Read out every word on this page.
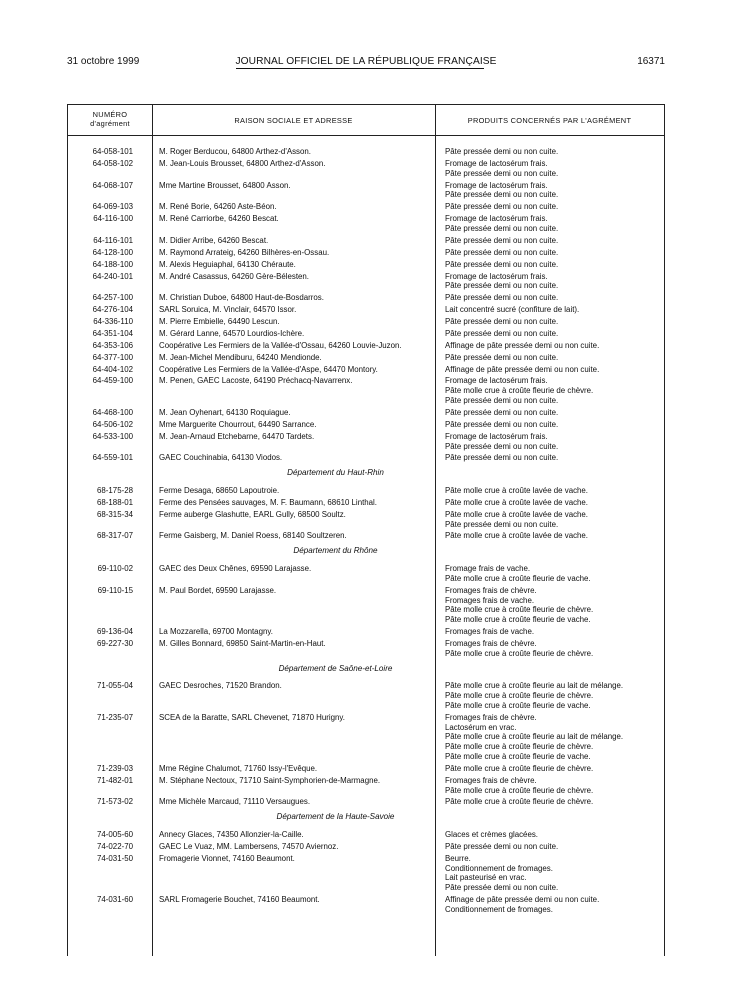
31 octobre 1999	JOURNAL OFFICIEL DE LA RÉPUBLIQUE FRANÇAISE	16371
NUMÉRO
d'agrément	RAISON SOCIALE ET ADRESSE	PRODUITS CONCERNÉS PAR L'AGRÉMENT
64-058-101	M. Roger Berducou, 64800 Arthez-d'Asson.	Pâte pressée demi ou non cuite.
64-058-102	M. Jean-Louis Brousset, 64800 Arthez-d'Asson.	Fromage de lactosérum frais.
Pâte pressée demi ou non cuite.
64-068-107	Mme Martine Brousset, 64800 Asson.	Fromage de lactosérum frais.
Pâte pressée demi ou non cuite.
64-069-103	M. René Borie, 64260 Aste-Béon.	Pâte pressée demi ou non cuite.
64-116-100	M. René Carriorbe, 64260 Bescat.	Fromage de lactosérum frais.
Pâte pressée demi ou non cuite.
64-116-101	M. Didier Arribe, 64260 Bescat.	Pâte pressée demi ou non cuite.
64-128-100	M. Raymond Arrateig, 64260 Bilhères-en-Ossau.	Pâte pressée demi ou non cuite.
64-188-100	M. Alexis Heguiaphal, 64130 Chéraute.	Pâte pressée demi ou non cuite.
64-240-101	M. André Casassus, 64260 Gère-Bélesten.	Fromage de lactosérum frais.
Pâte pressée demi ou non cuite.
64-257-100	M. Christian Duboe, 64800 Haut-de-Bosdarros.	Pâte pressée demi ou non cuite.
64-276-104	SARL Soruica, M. Vinclair, 64570 Issor.	Lait concentré sucré (confiture de lait).
64-336-110	M. Pierre Embielle, 64490 Lescun.	Pâte pressée demi ou non cuite.
64-351-104	M. Gérard Lanne, 64570 Lourdios-Ichère.	Pâte pressée demi ou non cuite.
64-353-106	Coopérative Les Fermiers de la Vallée-d'Ossau, 64260 Louvie-Juzon.	Affinage de pâte pressée demi ou non cuite.
64-377-100	M. Jean-Michel Mendiburu, 64240 Mendionde.	Pâte pressée demi ou non cuite.
64-404-102	Coopérative Les Fermiers de la Vallée-d'Aspe, 64470 Montory.	Affinage de pâte pressée demi ou non cuite.
64-459-100	M. Penen, GAEC Lacoste, 64190 Préchacq-Navarrenx.	Fromage de lactosérum frais.
Pâte molle crue à croûte fleurie de chèvre.
Pâte pressée demi ou non cuite.
64-468-100	M. Jean Oyhenart, 64130 Roquiague.	Pâte pressée demi ou non cuite.
64-506-102	Mme Marguerite Chourrout, 64490 Sarrance.	Pâte pressée demi ou non cuite.
64-533-100	M. Jean-Arnaud Etchebarne, 64470 Tardets.	Fromage de lactosérum frais.
Pâte pressée demi ou non cuite.
64-559-101	GAEC Couchinabia, 64130 Viodos.	Pâte pressée demi ou non cuite.
Département du Haut-Rhin
68-175-28	Ferme Desaga, 68650 Lapoutroie.	Pâte molle crue à croûte lavée de vache.
68-188-01	Ferme des Pensées sauvages, M. F. Baumann, 68610 Linthal.	Pâte molle crue à croûte lavée de vache.
68-315-34	Ferme auberge Glashutte, EARL Gully, 68500 Soultz.	Pâte molle crue à croûte lavée de vache.
Pâte pressée demi ou non cuite.
68-317-07	Ferme Gaisberg, M. Daniel Roess, 68140 Soultzeren.	Pâte molle crue à croûte lavée de vache.
Département du Rhône
69-110-02	GAEC des Deux Chênes, 69590 Larajasse.	Fromage frais de vache.
Pâte molle crue à croûte fleurie de vache.
69-110-15	M. Paul Bordet, 69590 Larajasse.	Fromages frais de chèvre.
Fromages frais de vache.
Pâte molle crue à croûte fleurie de chèvre.
Pâte molle crue à croûte fleurie de vache.
69-136-04	La Mozzarella, 69700 Montagny.	Fromages frais de vache.
69-227-30	M. Gilles Bonnard, 69850 Saint-Martin-en-Haut.	Fromages frais de chèvre.
Pâte molle crue à croûte fleurie de chèvre.
Département de Saône-et-Loire
71-055-04	GAEC Desroches, 71520 Brandon.	Pâte molle crue à croûte fleurie au lait de mélange.
Pâte molle crue à croûte fleurie de chèvre.
Pâte molle crue à croûte fleurie de vache.
71-235-07	SCEA de la Baratte, SARL Chevenet, 71870 Hurigny.	Fromages frais de chèvre.
Lactosérum en vrac.
Pâte molle crue à croûte fleurie au lait de mélange.
Pâte molle crue à croûte fleurie de chèvre.
Pâte molle crue à croûte fleurie de vache.
71-239-03	Mme Régine Chalumot, 71760 Issy-l'Evêque.	Pâte molle crue à croûte fleurie de chèvre.
71-482-01	M. Stéphane Nectoux, 71710 Saint-Symphorien-de-Marmagne.	Fromages frais de chèvre.
Pâte molle crue à croûte fleurie de chèvre.
71-573-02	Mme Michèle Marcaud, 71110 Versaugues.	Pâte molle crue à croûte fleurie de chèvre.
Département de la Haute-Savoie
74-005-60	Annecy Glaces, 74350 Allonzier-la-Caille.	Glaces et crèmes glacées.
74-022-70	GAEC Le Vuaz, MM. Lambersens, 74570 Aviernoz.	Pâte pressée demi ou non cuite.
74-031-50	Fromagerie Vionnet, 74160 Beaumont.	Beurre.
Conditionnement de fromages.
Lait pasteurisé en vrac.
Pâte pressée demi ou non cuite.
74-031-60	SARL Fromagerie Bouchet, 74160 Beaumont.	Affinage de pâte pressée demi ou non cuite.
Conditionnement de fromages.
